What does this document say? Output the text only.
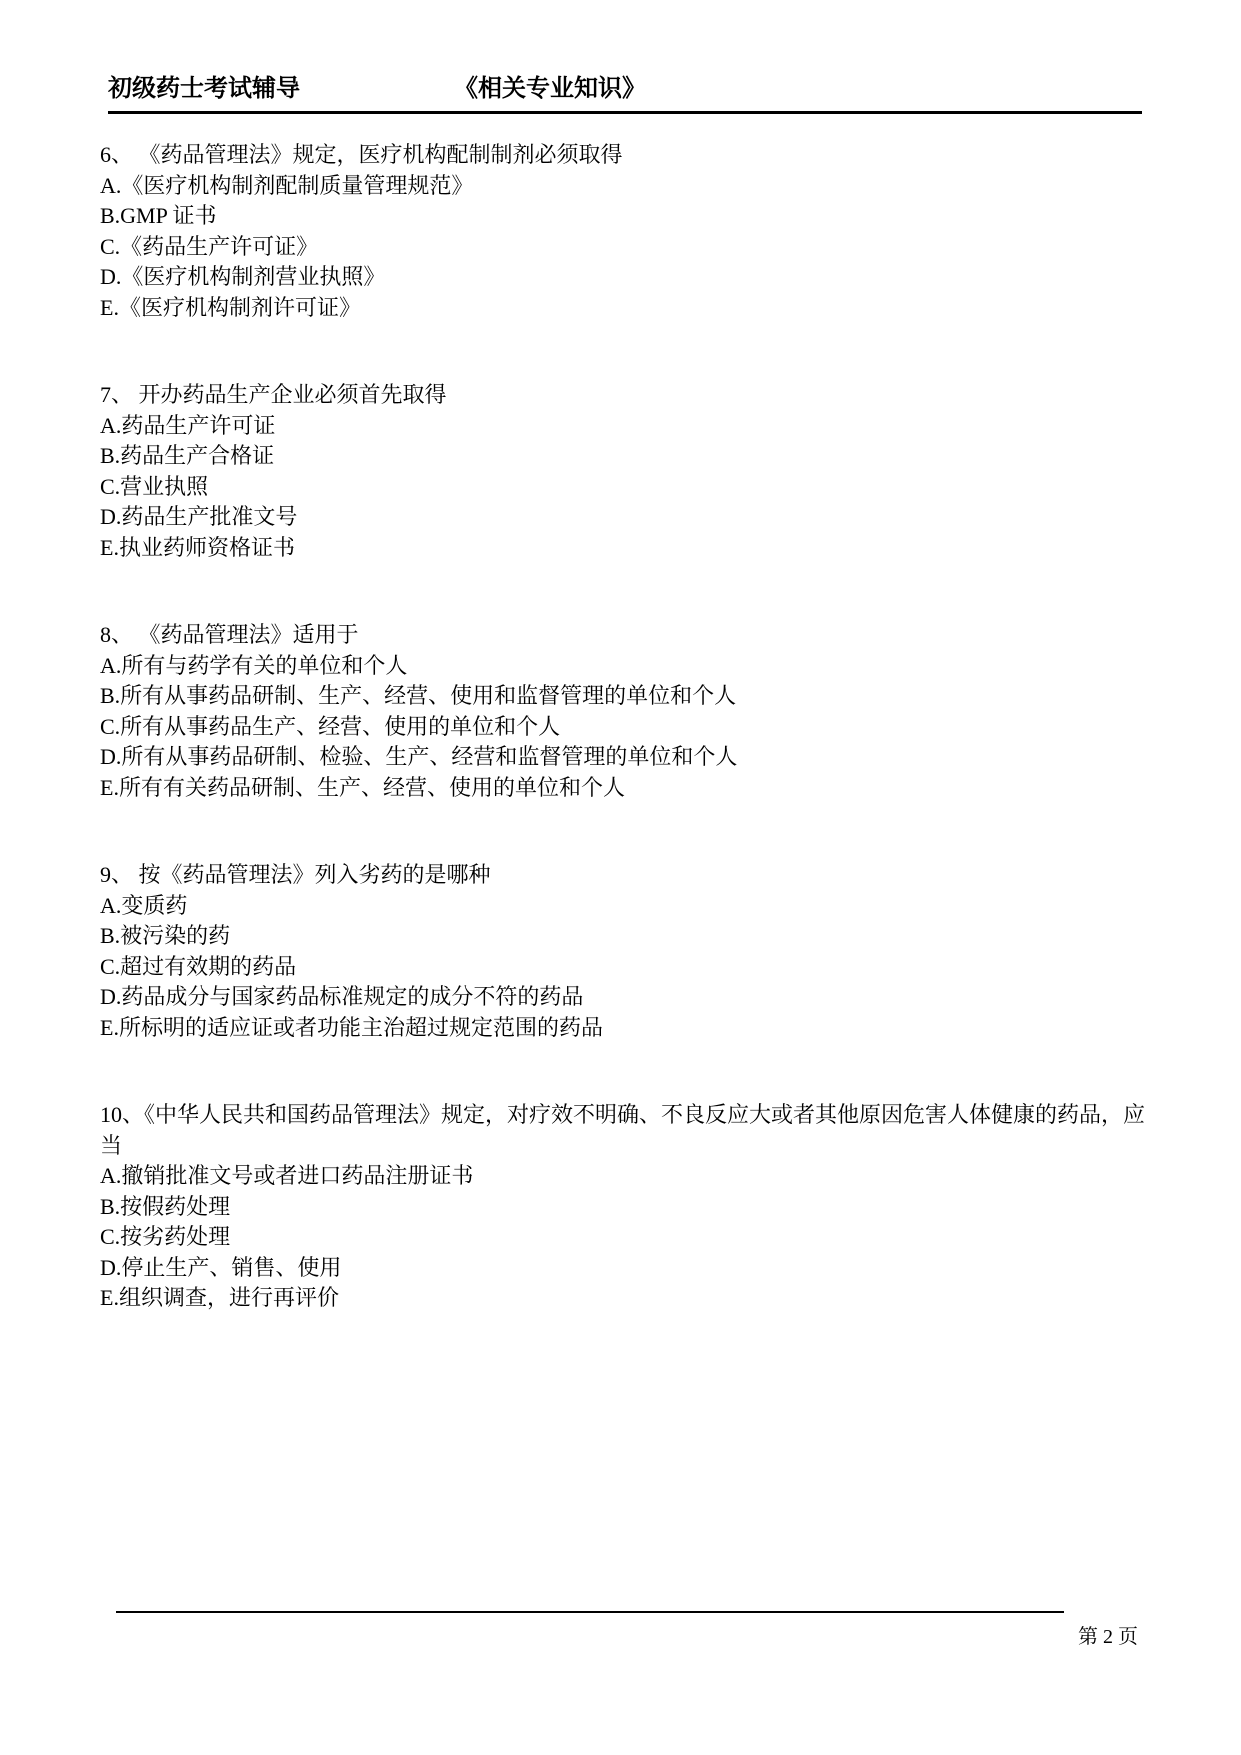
初级药士考试辅导	《相关专业知识》
6、 《药品管理法》规定，医疗机构配制制剂必须取得
A.《医疗机构制剂配制质量管理规范》
B.GMP 证书
C.《药品生产许可证》
D.《医疗机构制剂营业执照》
E.《医疗机构制剂许可证》
7、 开办药品生产企业必须首先取得
A.药品生产许可证
B.药品生产合格证
C.营业执照
D.药品生产批准文号
E.执业药师资格证书
8、 《药品管理法》适用于
A.所有与药学有关的单位和个人
B.所有从事药品研制、生产、经营、使用和监督管理的单位和个人
C.所有从事药品生产、经营、使用的单位和个人
D.所有从事药品研制、检验、生产、经营和监督管理的单位和个人
E.所有有关药品研制、生产、经营、使用的单位和个人
9、 按《药品管理法》列入劣药的是哪种
A.变质药
B.被污染的药
C.超过有效期的药品
D.药品成分与国家药品标准规定的成分不符的药品
E.所标明的适应证或者功能主治超过规定范围的药品
10、《中华人民共和国药品管理法》规定，对疗效不明确、不良反应大或者其他原因危害人体健康的药品，应当
A.撤销批准文号或者进口药品注册证书
B.按假药处理
C.按劣药处理
D.停止生产、销售、使用
E.组织调查，进行再评价
第 2 页
